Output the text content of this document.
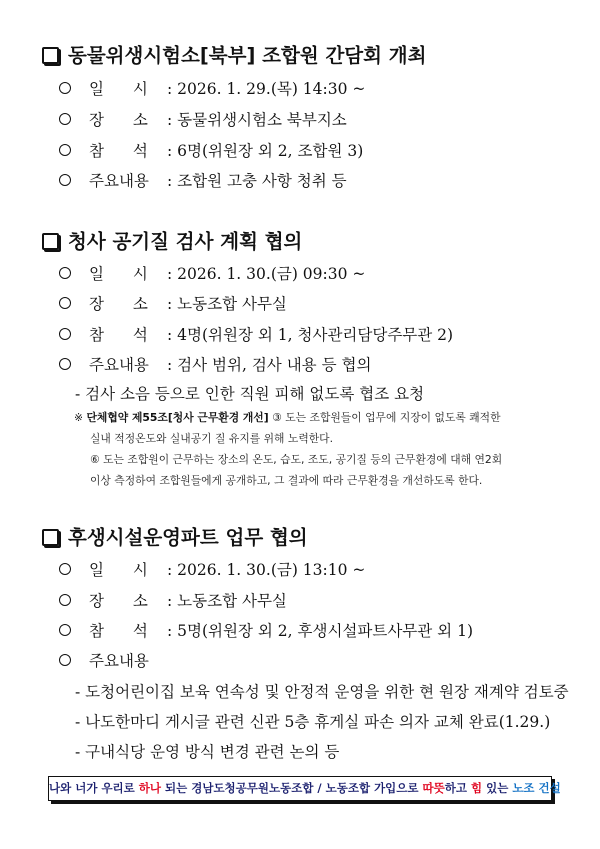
동물위생시험소[북부] 조합원 간담회 개최
일 시 : 2026. 1. 29.(목) 14:30 ~
장 소 : 동물위생시험소 북부지소
참 석 : 6명(위원장 외 2, 조합원 3)
주요내용 : 조합원 고충 사항 청취 등
청사 공기질 검사 계획 협의
일 시 : 2026. 1. 30.(금) 09:30 ~
장 소 : 노동조합 사무실
참 석 : 4명(위원장 외 1, 청사관리담당주무관 2)
주요내용 : 검사 범위, 검사 내용 등 협의
- 검사 소음 등으로 인한 직원 피해 없도록 협조 요청
※ 단체협약 제55조[청사 근무환경 개선] ③ 도는 조합원들이 업무에 지장이 없도록 쾌적한
실내 적정온도와 실내공기 질 유지를 위해 노력한다.
⑥ 도는 조합원이 근무하는 장소의 온도, 습도, 조도, 공기질 등의 근무환경에 대해 연2회
이상 측정하여 조합원들에게 공개하고, 그 결과에 따라 근무환경을 개선하도록 한다.
후생시설운영파트 업무 협의
일 시 : 2026. 1. 30.(금) 13:10 ~
장 소 : 노동조합 사무실
참 석 : 5명(위원장 외 2, 후생시설파트사무관 외 1)
주요내용
- 도청어린이집 보육 연속성 및 안정적 운영을 위한 현 원장 재계약 검토중
- 나도한마디 게시글 관련 신관 5층 휴게실 파손 의자 교체 완료(1.29.)
- 구내식당 운영 방식 변경 관련 논의 등
나와 너가 우리로 하나 되는 경남도청공무원노동조합 / 노동조합 가입으로 따뜻하고 힘 있는 노조 건설
